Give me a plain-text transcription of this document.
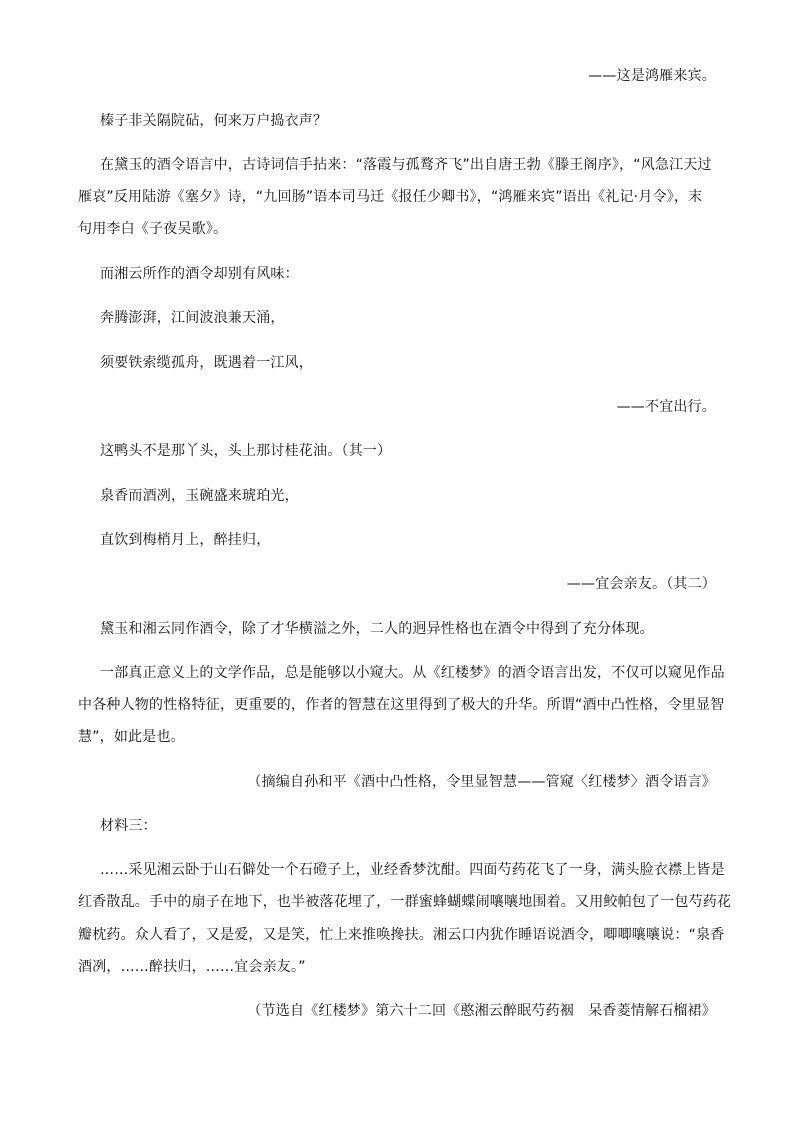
——这是鸿雁来宾。
榛子非关隔院砧，何来万户捣衣声？
在黛玉的酒令语言中，古诗词信手拈来：“落霞与孤鹜齐飞”出自唐王勃《滕王阁序》，“风急江天过
雁哀”反用陆游《塞夕》诗，“九回肠”语本司马迁《报任少卿书》，“鸿雁来宾”语出《礼记·月令》，末
句用李白《子夜吴歌》。
而湘云所作的酒令却别有风味：
奔腾澎湃，江间波浪兼天涌，
须要铁索缆孤舟，既遇着一江风，
——不宜出行。
这鸭头不是那丫头，头上那讨桂花油。（其一）
泉香而酒冽，玉碗盛来琥珀光，
直饮到梅梢月上，醉挂归，
——宜会亲友。（其二）
黛玉和湘云同作酒令，除了才华横溢之外，二人的迥异性格也在酒令中得到了充分体现。
一部真正意义上的文学作品，总是能够以小窥大。从《红楼梦》的酒令语言出发，不仅可以窥见作品
中各种人物的性格特征，更重要的，作者的智慧在这里得到了极大的升华。所谓“酒中凸性格，令里显智
慧”，如此是也。
（摘编自孙和平《酒中凸性格，令里显智慧——管窥〈红楼梦〉酒令语言》
材料三：
……采见湘云卧于山石僻处一个石磴子上，业经香梦沈酣。四面芍药花飞了一身，满头脸衣襟上皆是
红香散乱。手中的扇子在地下，也半被落花埋了，一群蜜蜂蝴蝶闹嚷嚷地围着。又用鲛帕包了一包芍药花
瓣枕药。众人看了，又是爱，又是笑，忙上来推唤搀扶。湘云口内犹作睡语说酒令，唧唧嚷嚷说：“泉香
酒冽，……醉扶归，……宜会亲友。”
（节选自《红楼梦》第六十二回《憨湘云醉眠芍药裀　呆香菱情解石榴裙》
